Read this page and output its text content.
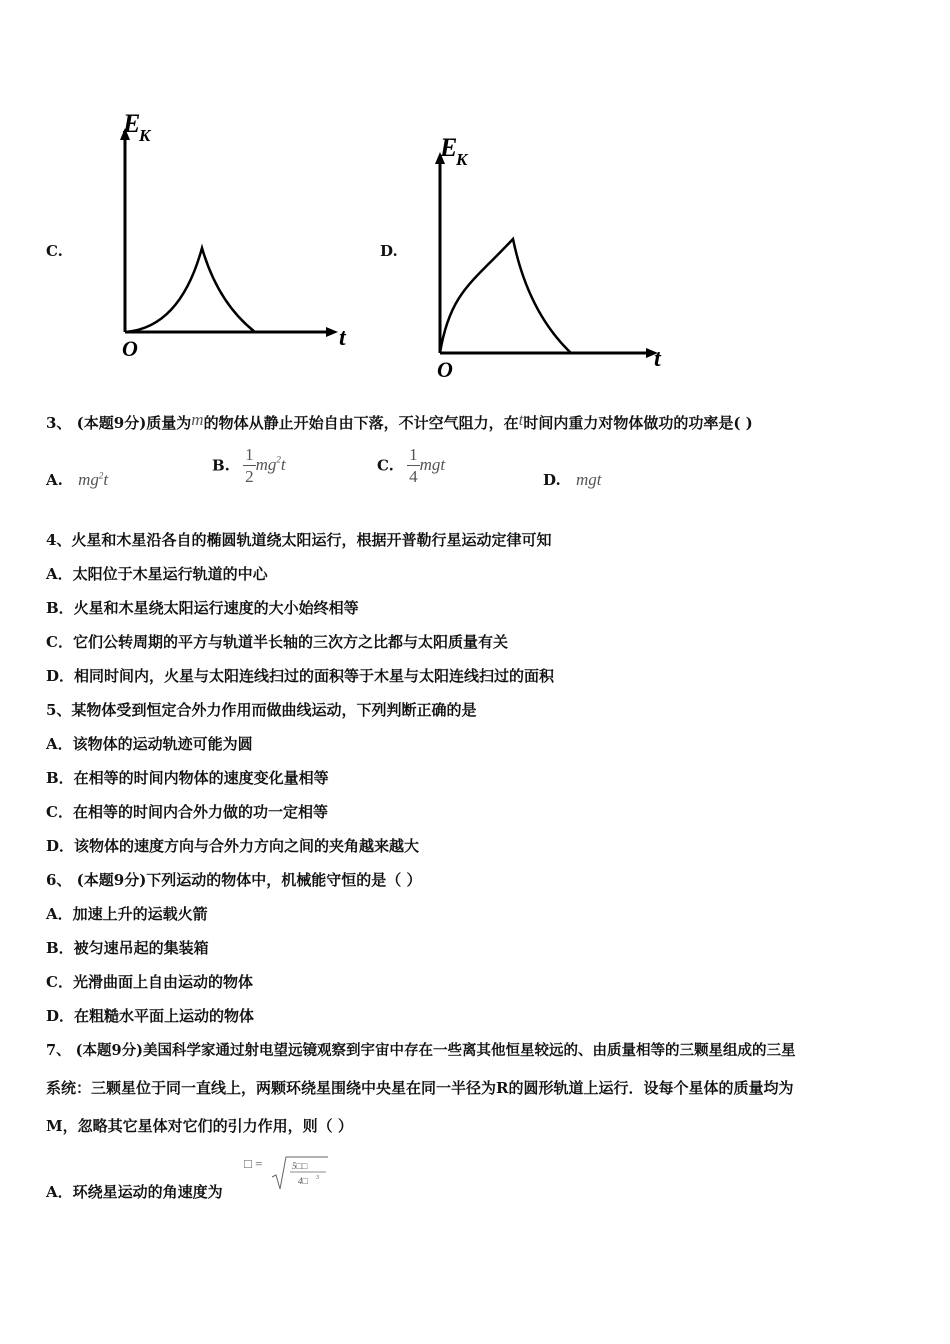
C.
E
K
t
O
D.
E
K
t
O
3、 (本题9分)质量为m的物体从静止开始自由下落，不计空气阻力，在t时间内重力对物体做功的功率是( )
A. $mg^2t$
B. $\frac{1}{2} mg^2t$	C. $\frac{1}{4}$ mgt
D. mgt
4、火星和木星沿各自的椭圆轨道绕太阳运行，根据开普勒行星运动定律可知
A．太阳位于木星运行轨道的中心
B．火星和木星绕太阳运行速度的大小始终相等
C．它们公转周期的平方与轨道半长轴的三次方之比都与太阳质量有关
D．相同时间内，火星与太阳连线扫过的面积等于木星与太阳连线扫过的面积
5、某物体受到恒定合外力作用而做曲线运动，下列判断正确的是
A．该物体的运动轨迹可能为圆
B．在相等的时间内物体的速度变化量相等
C．在相等的时间内合外力做的功一定相等
D．该物体的速度方向与合外力方向之间的夹角越来越大
6、 (本题9分)下列运动的物体中，机械能守恒的是（ ）
A．加速上升的运载火箭
B．被匀速吊起的集装箱
C．光滑曲面上自由运动的物体
D．在粗糙水平面上运动的物体
7、 (本题9分)美国科学家通过射电望远镜观察到宇宙中存在一些离其他恒星较远的、由质量相等的三颗星组成的三星
系统：三颗星位于同一直线上，两颗环绕星围绕中央星在同一半径为R的圆形轨道上运行．设每个星体的质量均为
M，忽略其它星体对它们的引力作用，则（ ）
A．环绕星运动的角速度为
□ =	5□□
4□ 3
